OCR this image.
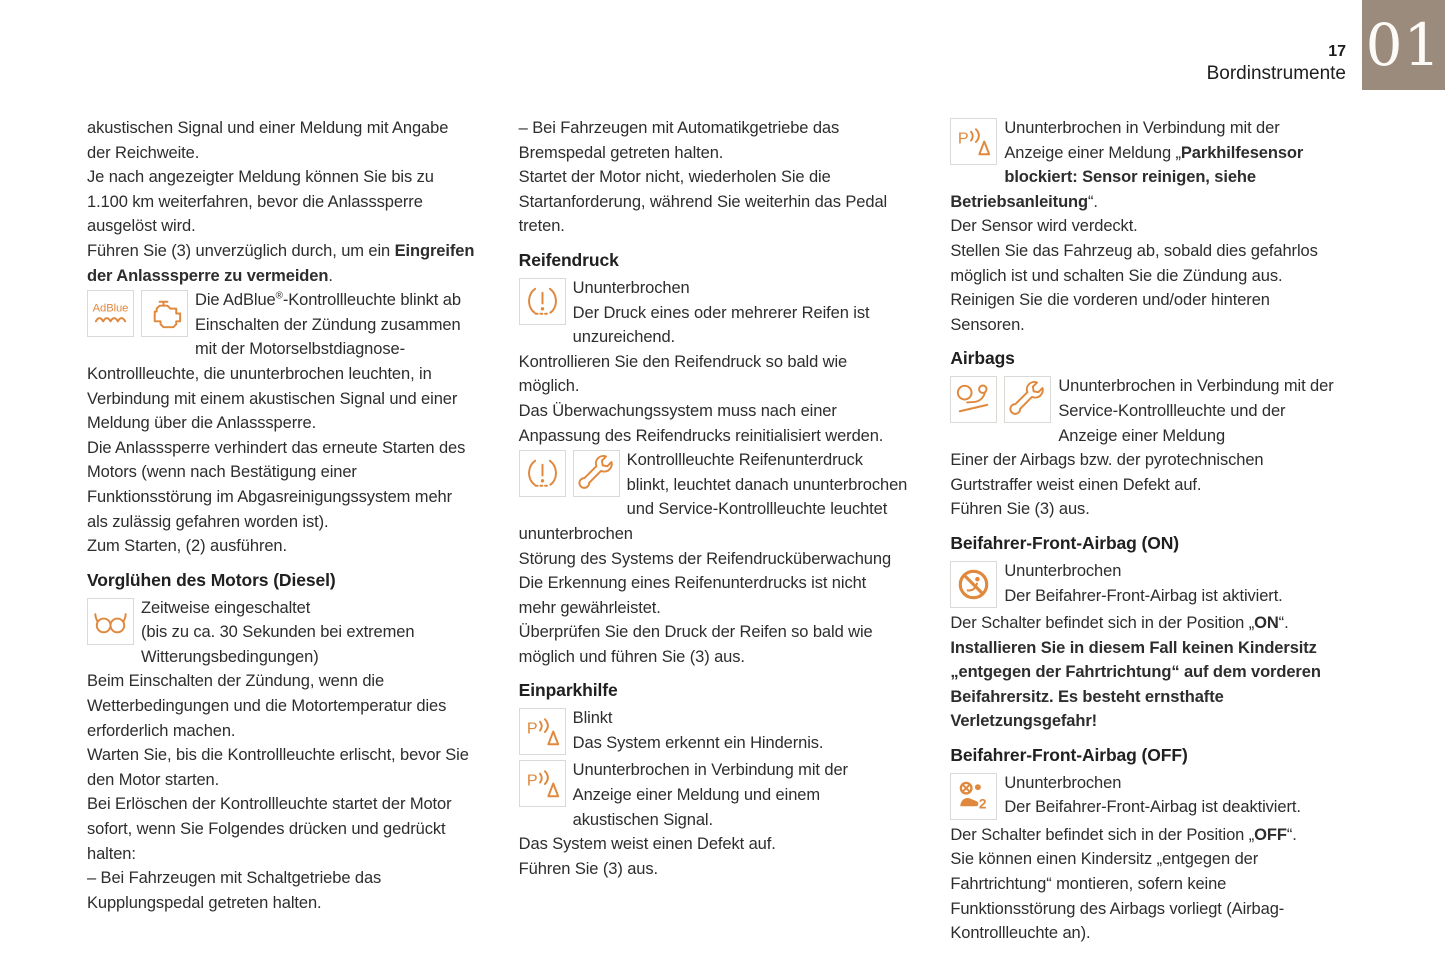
17
Bordinstrumente 01

akustischen Signal und einer Meldung mit Angabe der Reichweite.

Je nach angezeigter Meldung können Sie bis zu 1.100 km weiterfahren, bevor die Anlasssperre ausgelöst wird.

Führen Sie (3) unverzüglich durch, um ein Eingreifen der Anlasssperre zu vermeiden.

AdBlue	Die AdBlue®-Kontrollleuchte blinkt ab Einschalten der Zündung zusammen mit der Motorselbstdiagnose-Kontrollleuchte, die ununterbrochen leuchten, in Verbindung mit einem akustischen Signal und einer Meldung über die Anlasssperre.

Die Anlasssperre verhindert das erneute Starten des Motors (wenn nach Bestätigung einer Funktionsstörung im Abgasreinigungssystem mehr als zulässig gefahren worden ist).

Zum Starten, (2) ausführen.

Vorglühen des Motors (Diesel)
Zeitweise eingeschaltet
(bis zu ca. 30 Sekunden bei extremen Witterungsbedingungen)

Beim Einschalten der Zündung, wenn die Wetterbedingungen und die Motortemperatur dies erforderlich machen.

Warten Sie, bis die Kontrollleuchte erlischt, bevor Sie den Motor starten.

Bei Erlöschen der Kontrollleuchte startet der Motor sofort, wenn Sie Folgendes drücken und gedrückt halten:

– Bei Fahrzeugen mit Schaltgetriebe das Kupplungspedal getreten halten.

– Bei Fahrzeugen mit Automatikgetriebe das Bremspedal getreten halten.

Startet der Motor nicht, wiederholen Sie die Startanforderung, während Sie weiterhin das Pedal treten.

Reifendruck
Ununterbrochen
Der Druck eines oder mehrerer Reifen ist unzureichend.

Kontrollieren Sie den Reifendruck so bald wie möglich.

Das Überwachungssystem muss nach einer Anpassung des Reifendrucks reinitialisiert werden.

Kontrollleuchte Reifenunterdruck blinkt, leuchtet danach ununterbrochen und Service-Kontrollleuchte leuchtet ununterbrochen

Störung des Systems der Reifendrucküberwachung

Die Erkennung eines Reifenunterdrucks ist nicht mehr gewährleistet.

Überprüfen Sie den Druck der Reifen so bald wie möglich und führen Sie (3) aus.

Einparkhilfe
P
Blinkt
Das System erkennt ein Hindernis.
P
Ununterbrochen in Verbindung mit der Anzeige einer Meldung und einem akustischen Signal.

Das System weist einen Defekt auf.

Führen Sie (3) aus.

P
Ununterbrochen in Verbindung mit der Anzeige einer Meldung „Parkhilfesensor blockiert: Sensor reinigen, siehe Betriebsanleitung“.

Der Sensor wird verdeckt.

Stellen Sie das Fahrzeug ab, sobald dies gefahrlos möglich ist und schalten Sie die Zündung aus.

Reinigen Sie die vorderen und/oder hinteren Sensoren.

Airbags
Ununterbrochen in Verbindung mit der Service-Kontrollleuchte und der Anzeige einer Meldung

Einer der Airbags bzw. der pyrotechnischen Gurtstraffer weist einen Defekt auf.

Führen Sie (3) aus.

Beifahrer-Front-Airbag (ON)
Ununterbrochen
Der Beifahrer-Front-Airbag ist aktiviert.

Der Schalter befindet sich in der Position „ON“.

Installieren Sie in diesem Fall keinen Kindersitz „entgegen der Fahrtrichtung“ auf dem vorderen Beifahrersitz. Es besteht ernsthafte Verletzungsgefahr!

Beifahrer-Front-Airbag (OFF)
2
Ununterbrochen
Der Beifahrer-Front-Airbag ist deaktiviert.

Der Schalter befindet sich in der Position „OFF“.

Sie können einen Kindersitz „entgegen der Fahrtrichtung“ montieren, sofern keine Funktionsstörung des Airbags vorliegt (Airbag-Kontrollleuchte an).
